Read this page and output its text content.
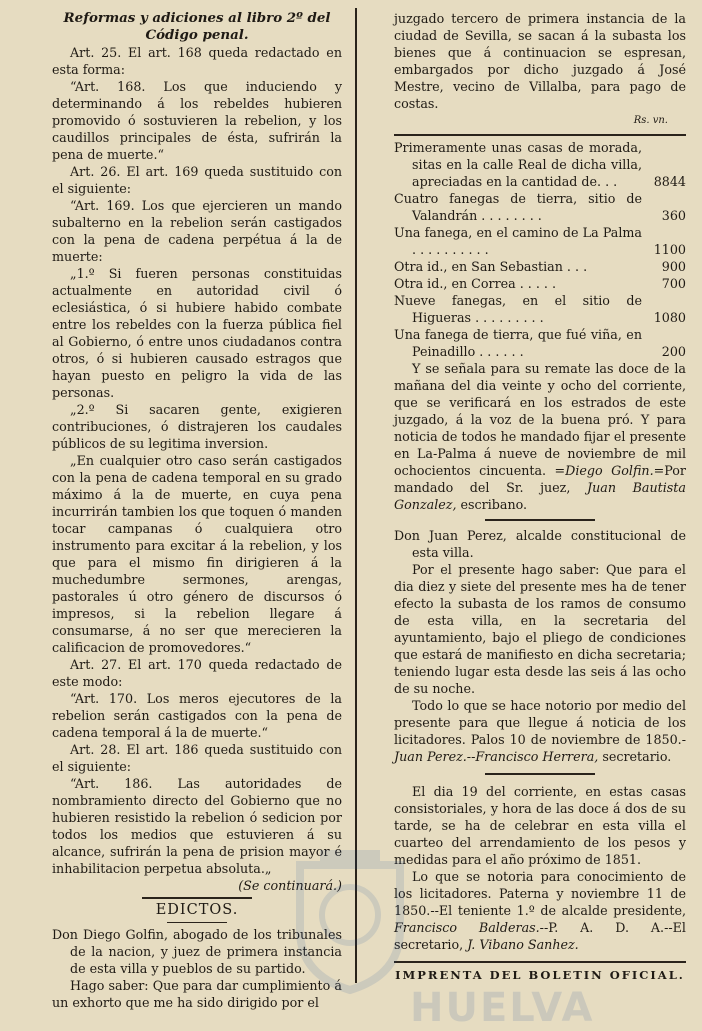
Reformas y adiciones al libro 2º del Código penal.

Art. 25. El art. 168 queda redactado en esta forma:

“Art. 168. Los que induciendo y determinando á los rebeldes hubieren promovido ó sostuvieren la rebelion, y los caudillos principales de ésta, sufrirán la pena de muerte.“

Art. 26. El art. 169 queda sustituido con el siguiente:

“Art. 169. Los que ejercieren un mando subalterno en la rebelion serán castigados con la pena de cadena perpétua á la de muerte:

„1.º Si fueren personas constituidas actualmente en autoridad civil ó eclesiástica, ó si hubiere habido combate entre los rebeldes con la fuerza pública fiel al Gobierno, ó entre unos ciudadanos contra otros, ó si hubieren causado estragos que hayan puesto en peligro la vida de las personas.

„2.º Si sacaren gente, exigieren contribuciones, ó distrajeren los caudales públicos de su legitima inversion.

„En cualquier otro caso serán castigados con la pena de cadena temporal en su grado máximo á la de muerte, en cuya pena incurrirán tambien los que toquen ó manden tocar campanas ó cualquiera otro instrumento para excitar á la rebelion, y los que para el mismo fin dirigieren á la muchedumbre sermones, arengas, pastorales ú otro género de discursos ó impresos, si la rebelion llegare á consumarse, á no ser que merecieren la calificacion de promovedores.“

Art. 27. El art. 170 queda redactado de este modo:

“Art. 170. Los meros ejecutores de la rebelion serán castigados con la pena de cadena temporal á la de muerte.“

Art. 28. El art. 186 queda sustituido con el siguiente:

“Art. 186. Las autoridades de nombramiento directo del Gobierno que no hubieren resistido la rebelion ó sedicion por todos los medios que estuvieren á su alcance, sufrirán la pena de prision mayor é inhabilitacion perpetua absoluta.„

(Se continuará.)

EDICTOS.

Don Diego Golfin, abogado de los tribunales de la nacion, y juez de primera instancia de esta villa y pueblos de su partido.

Hago saber: Que para dar cumplimiento á un exhorto que me ha sido dirigido por el

juzgado tercero de primera instancia de la ciudad de Sevilla, se sacan á la subasta los bienes que á continuacion se espresan, embargados por dicho juzgado á José Mestre, vecino de Villalba, para pago de costas.

Rs. vn.

Primeramente unas casas de morada, sitas en la calle Real de dicha villa, apreciadas en la cantidad de. . .	8844

Cuatro fanegas de tierra, sitio de Valandrán . . . . . . . .	360

Una fanega, en el camino de La Palma . . . . . . . . . .	1100

Otra id., en San Sebastian . . .	900

Otra id., en Correa . . . . .	700

Nueve fanegas, en el sitio de Higueras . . . . . . . . .	1080

Una fanega de tierra, que fué viña, en Peinadillo . . . . . .	200

Y se señala para su remate las doce de la mañana del dia veinte y ocho del corriente, que se verificará en los estrados de este juzgado, á la voz de la buena pró. Y para noticia de todos he mandado fijar el presente en La-Palma á nueve de noviembre de mil ochocientos cincuenta. =Diego Golfin.=Por mandado del Sr. juez, Juan Bautista Gonzalez, escribano.

Don Juan Perez, alcalde constitucional de esta villa.

Por el presente hago saber: Que para el dia diez y siete del presente mes ha de tener efecto la subasta de los ramos de consumo de esta villa, en la secretaria del ayuntamiento, bajo el pliego de condiciones que estará de manifiesto en dicha secretaria; teniendo lugar esta desde las seis á las ocho de su noche.

Todo lo que se hace notorio por medio del presente para que llegue á noticia de los licitadores. Palos 10 de noviembre de 1850.- Juan Perez.--Francisco Herrera, secretario.

El dia 19 del corriente, en estas casas consistoriales, y hora de las doce á dos de su tarde, se ha de celebrar en esta villa el cuarteo del arrendamiento de los pesos y medidas para el año próximo de 1851.

Lo que se notoria para conocimiento de los licitadores. Paterna y noviembre 11 de 1850.--El teniente 1.º de alcalde presidente, Francisco Balderas.--P. A. D. A.--El secretario, J. Vibano Sanhez.

IMPRENTA DEL BOLETIN OFICIAL.

HUELVA
